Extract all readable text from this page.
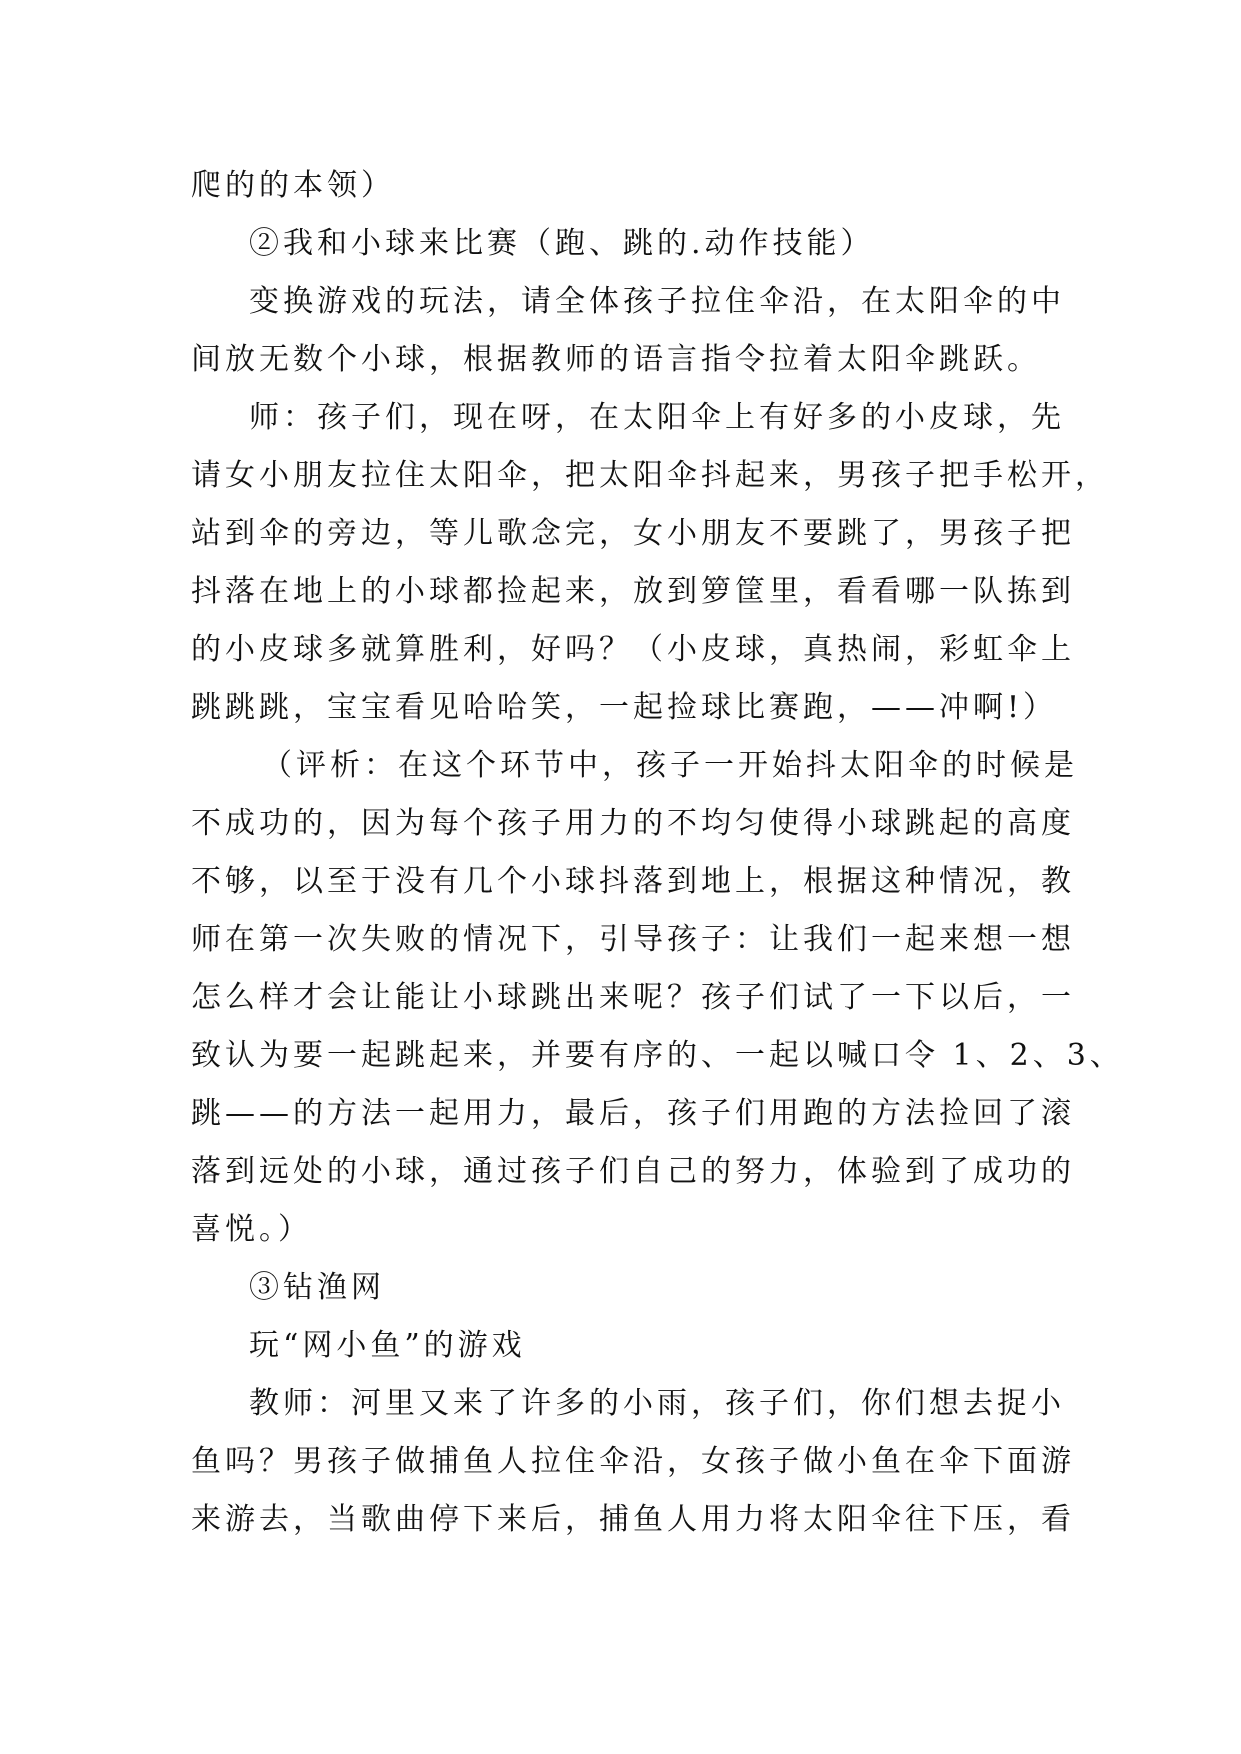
爬的的本领）
②我和小球来比赛（跑、跳的.动作技能）
变换游戏的玩法，请全体孩子拉住伞沿，在太阳伞的中
间放无数个小球，根据教师的语言指令拉着太阳伞跳跃。
师：孩子们，现在呀，在太阳伞上有好多的小皮球，先
请女小朋友拉住太阳伞，把太阳伞抖起来，男孩子把手松开，
站到伞的旁边，等儿歌念完，女小朋友不要跳了，男孩子把
抖落在地上的小球都捡起来，放到箩筐里，看看哪一队拣到
的小皮球多就算胜利，好吗？（小皮球，真热闹，彩虹伞上
跳跳跳，宝宝看见哈哈笑，一起捡球比赛跑，——冲啊!）
（评析：在这个环节中，孩子一开始抖太阳伞的时候是
不成功的，因为每个孩子用力的不均匀使得小球跳起的高度
不够，以至于没有几个小球抖落到地上，根据这种情况，教
师在第一次失败的情况下，引导孩子：让我们一起来想一想
怎么样才会让能让小球跳出来呢？孩子们试了一下以后，一
致认为要一起跳起来，并要有序的、一起以喊口令 1、2、3、
跳——的方法一起用力，最后，孩子们用跑的方法捡回了滚
落到远处的小球，通过孩子们自己的努力，体验到了成功的
喜悦。）
③钻渔网
玩“网小鱼”的游戏
教师：河里又来了许多的小雨，孩子们，你们想去捉小
鱼吗？男孩子做捕鱼人拉住伞沿，女孩子做小鱼在伞下面游
来游去，当歌曲停下来后，捕鱼人用力将太阳伞往下压，看
